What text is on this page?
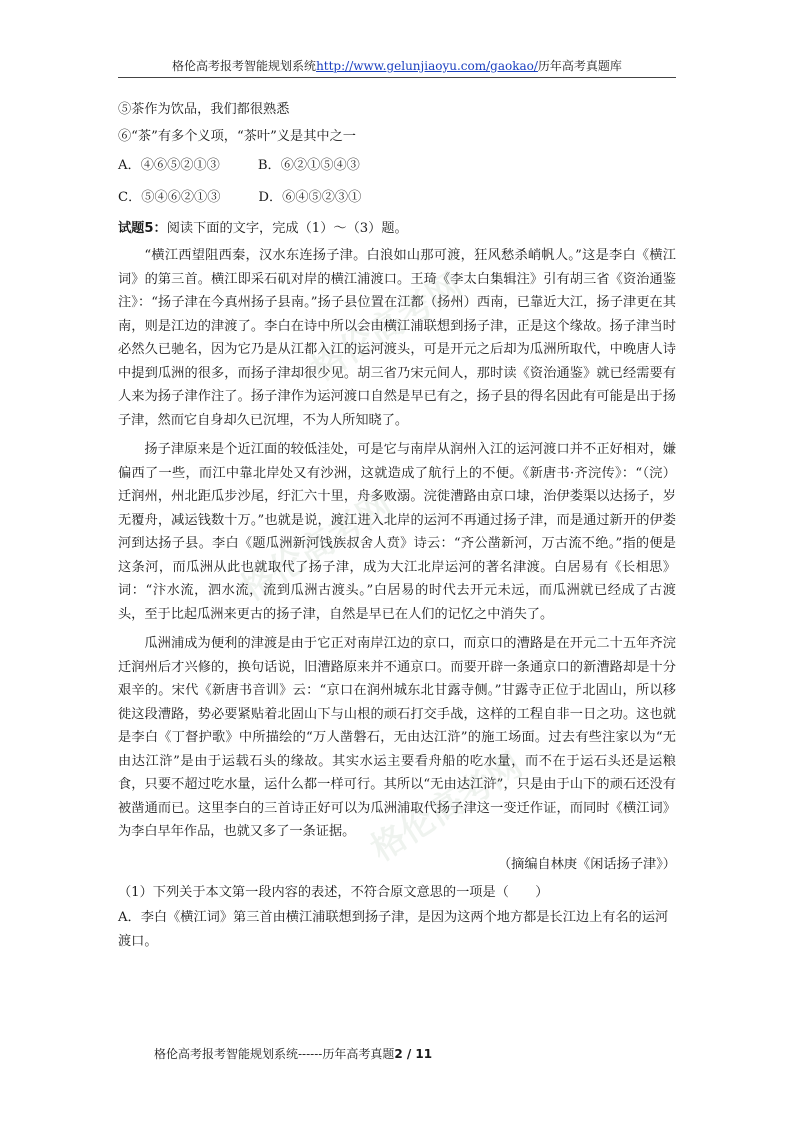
格伦高考网
格伦高考网
格伦高考网
格伦高考报考智能规划系统http://www.gelunjiaoyu.com/gaokao/历年高考真题库

⑤茶作为饮品，我们都很熟悉

⑥“茶”有多个义项，“茶叶”义是其中之一

A．④⑥⑤②①③	B．⑥②①⑤④③

C．⑤④⑥②①③	D．⑥④⑤②③①

试题5：阅读下面的文字，完成（1）～（3）题。

“横江西望阻西秦，汉水东连扬子津。白浪如山那可渡，狂风愁杀峭帆人。”这是李白《横江词》的第三首。横江即采石矶对岸的横江浦渡口。王琦《李太白集辑注》引有胡三省《资治通鉴注》：“扬子津在今真州扬子县南。”扬子县位置在江都（扬州）西南，已靠近大江，扬子津更在其南，则是江边的津渡了。李白在诗中所以会由横江浦联想到扬子津，正是这个缘故。扬子津当时必然久已驰名，因为它乃是从江都入江的运河渡头，可是开元之后却为瓜洲所取代，中晚唐人诗中提到瓜洲的很多，而扬子津却很少见。胡三省乃宋元间人，那时读《资治通鉴》就已经需要有人来为扬子津作注了。扬子津作为运河渡口自然是早已有之，扬子县的得名因此有可能是出于扬子津，然而它自身却久已沉埋，不为人所知晓了。

扬子津原来是个近江面的较低洼处，可是它与南岸从润州入江的运河渡口并不正好相对，嫌偏西了一些，而江中靠北岸处又有沙洲，这就造成了航行上的不便。《新唐书·齐浣传》：“（浣）迁润州，州北距瓜步沙尾，纡汇六十里，舟多败溺。浣徙漕路由京口埭，治伊娄渠以达扬子，岁无覆舟，减运钱数十万。”也就是说，渡江进入北岸的运河不再通过扬子津，而是通过新开的伊娄河到达扬子县。李白《题瓜洲新河饯族叔舍人贲》诗云：“齐公凿新河，万古流不绝。”指的便是这条河，而瓜洲从此也就取代了扬子津，成为大江北岸运河的著名津渡。白居易有《长相思》词：“汴水流，泗水流，流到瓜洲古渡头。”白居易的时代去开元未远，而瓜洲就已经成了古渡头，至于比起瓜洲来更古的扬子津，自然是早已在人们的记忆之中消失了。

瓜洲浦成为便利的津渡是由于它正对南岸江边的京口，而京口的漕路是在开元二十五年齐浣迁润州后才兴修的，换句话说，旧漕路原来并不通京口。而要开辟一条通京口的新漕路却是十分艰辛的。宋代《新唐书音训》云：“京口在润州城东北甘露寺侧。”甘露寺正位于北固山，所以移徙这段漕路，势必要紧贴着北固山下与山根的顽石打交手战，这样的工程自非一日之功。这也就是李白《丁督护歌》中所描绘的“万人凿磐石，无由达江浒”的施工场面。过去有些注家以为“无由达江浒”是由于运载石头的缘故。其实水运主要看舟船的吃水量，而不在于运石头还是运粮食，只要不超过吃水量，运什么都一样可行。其所以“无由达江浒”，只是由于山下的顽石还没有被凿通而已。这里李白的三首诗正好可以为瓜洲浦取代扬子津这一变迁作证，而同时《横江词》为李白早年作品，也就又多了一条证据。

（摘编自林庚《闲话扬子津》）

（1）下列关于本文第一段内容的表述，不符合原文意思的一项是（　　）

A．李白《横江词》第三首由横江浦联想到扬子津，是因为这两个地方都是长江边上有名的运河渡口。

格伦高考报考智能规划系统------历年高考真题2 / 11
